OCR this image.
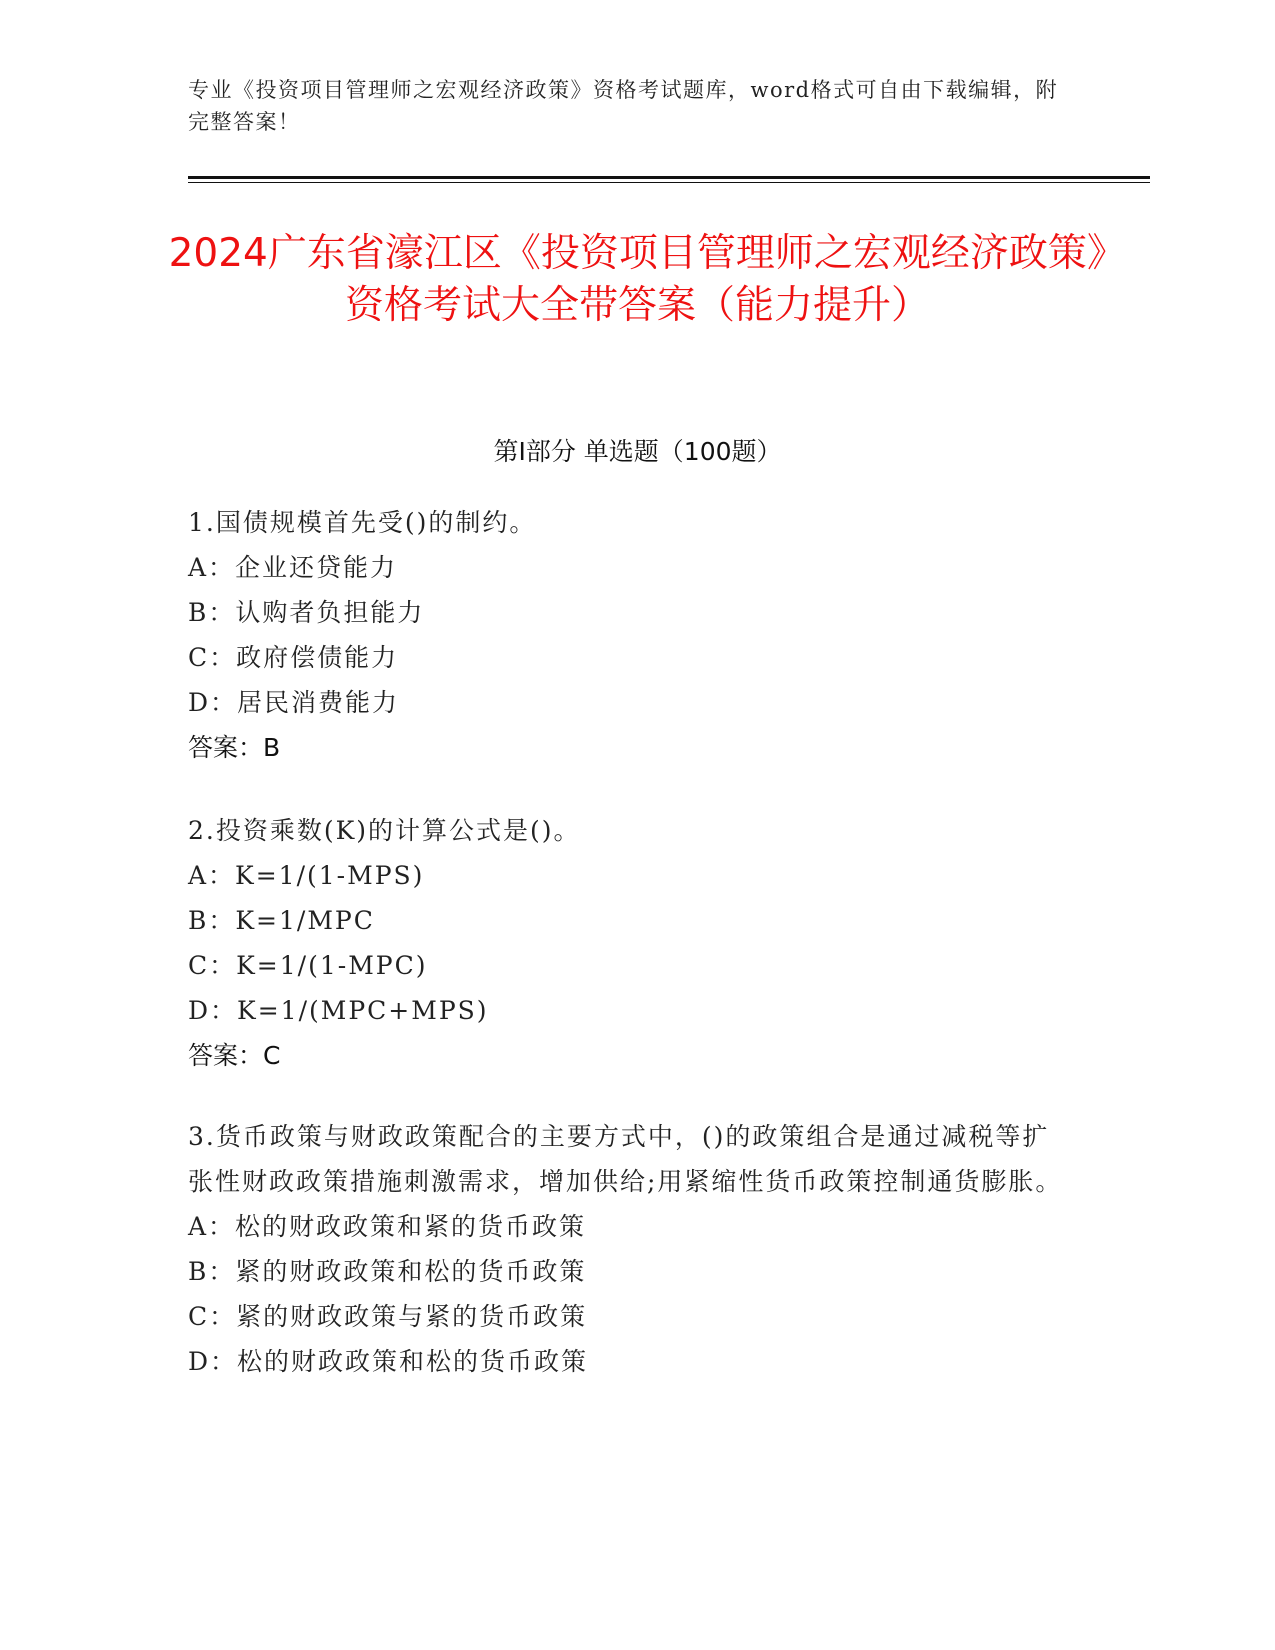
专业《投资项目管理师之宏观经济政策》资格考试题库，word格式可自由下载编辑，附完整答案！
2024广东省濠江区《投资项目管理师之宏观经济政策》资格考试大全带答案（能力提升）
第Ⅰ部分 单选题（100题）
1.国债规模首先受()的制约。
A：企业还贷能力
B：认购者负担能力
C：政府偿债能力
D：居民消费能力
答案：B
2.投资乘数(K)的计算公式是()。
A：K=1/(1-MPS)
B：K=1/MPC
C：K=1/(1-MPC)
D：K=1/(MPC+MPS)
答案：C
3.货币政策与财政政策配合的主要方式中，()的政策组合是通过减税等扩张性财政政策措施刺激需求，增加供给;用紧缩性货币政策控制通货膨胀。
A：松的财政政策和紧的货币政策
B：紧的财政政策和松的货币政策
C：紧的财政政策与紧的货币政策
D：松的财政政策和松的货币政策
